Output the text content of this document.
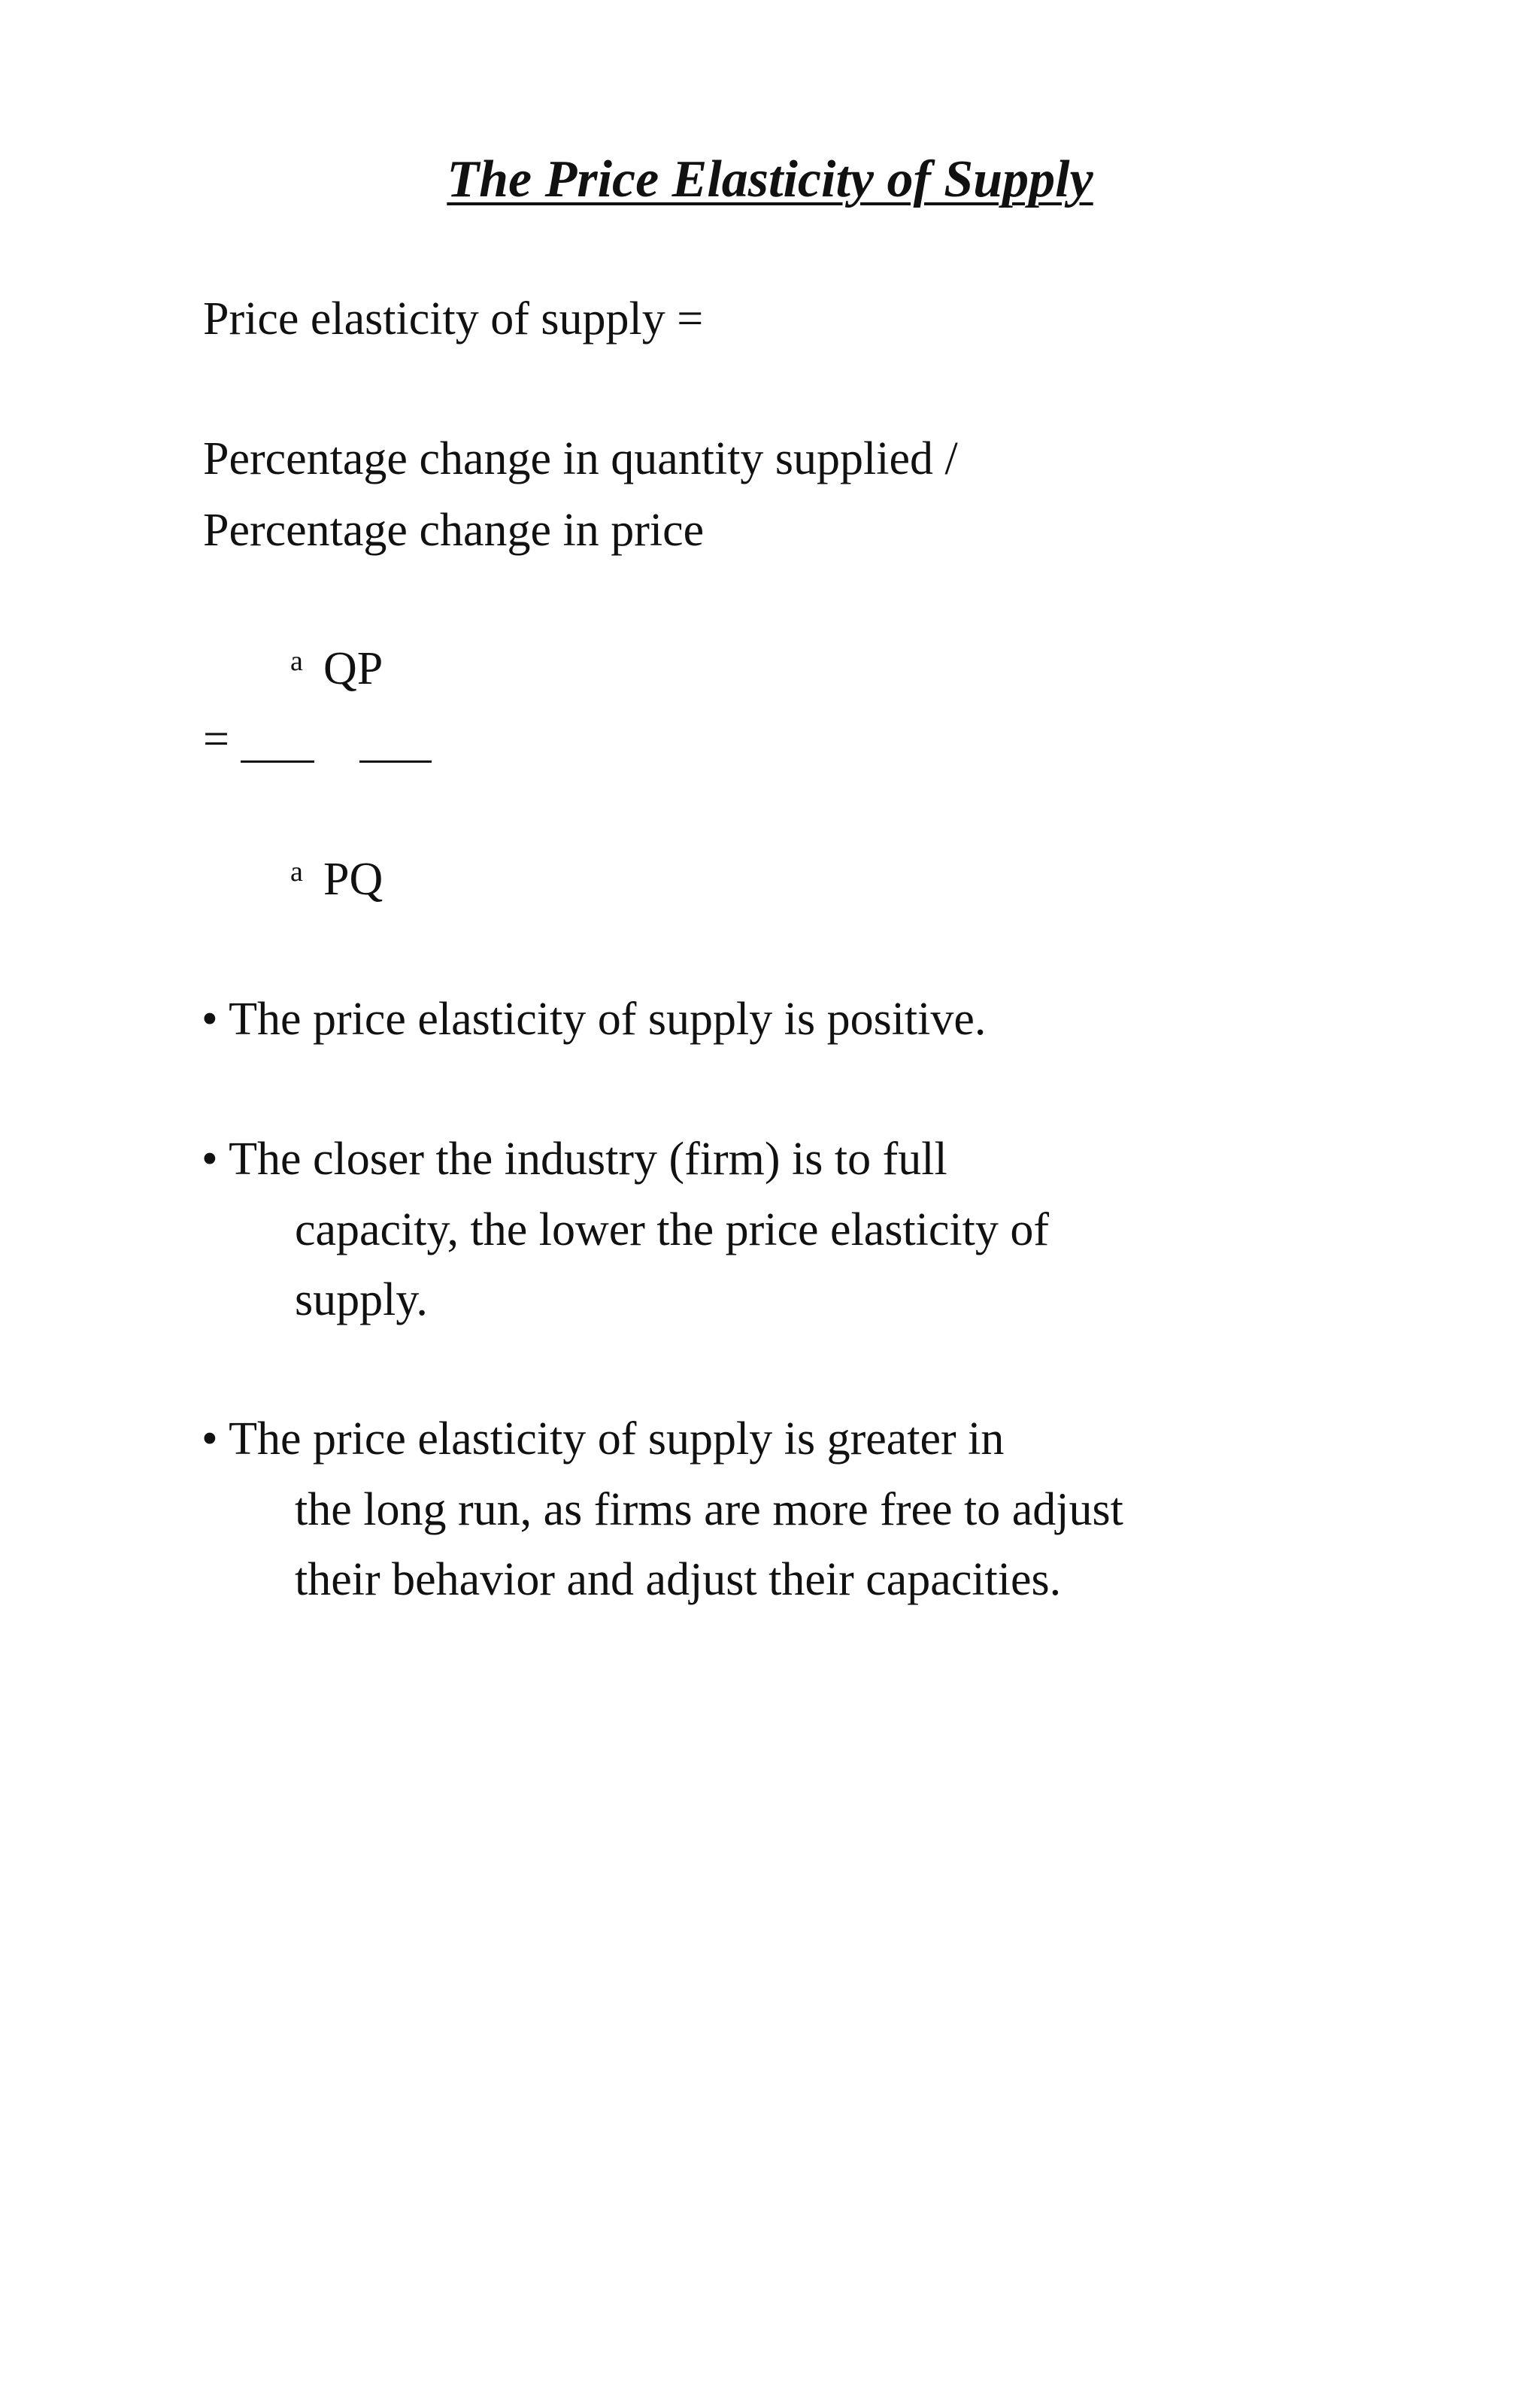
The Price Elasticity of Supply

Price elasticity of supply =

Percentage change in quantity supplied /

Percentage change in price

a QP
=
a PQ

• The price elasticity of supply is positive.

• The closer the industry (firm) is to full

capacity, the lower the price elasticity of

supply.

• The price elasticity of supply is greater in

the long run, as firms are more free to adjust

their behavior and adjust their capacities.
